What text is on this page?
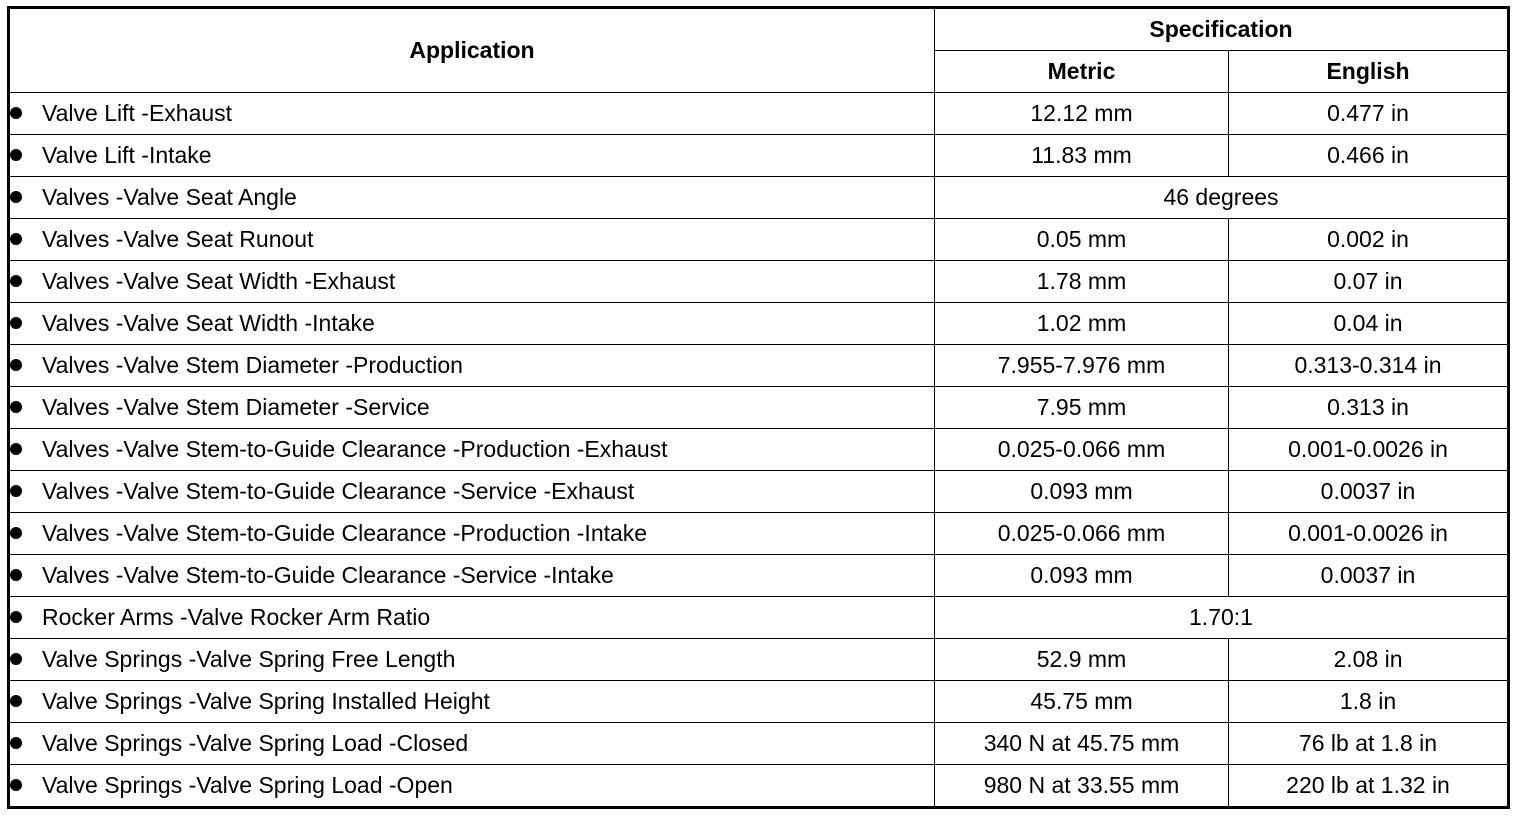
Application	Specification	
	Metric	English
Valve Lift -Exhaust	12.12 mm	0.477 in
Valve Lift -Intake	11.83 mm	0.466 in
Valves -Valve Seat Angle	46 degrees	
Valves -Valve Seat Runout	0.05 mm	0.002 in
Valves -Valve Seat Width -Exhaust	1.78 mm	0.07 in
Valves -Valve Seat Width -Intake	1.02 mm	0.04 in
Valves -Valve Stem Diameter -Production	7.955-7.976 mm	0.313-0.314 in
Valves -Valve Stem Diameter -Service	7.95 mm	0.313 in
Valves -Valve Stem-to-Guide Clearance -Production -Exhaust	0.025-0.066 mm	0.001-0.0026 in
Valves -Valve Stem-to-Guide Clearance -Service -Exhaust	0.093 mm	0.0037 in
Valves -Valve Stem-to-Guide Clearance -Production -Intake	0.025-0.066 mm	0.001-0.0026 in
Valves -Valve Stem-to-Guide Clearance -Service -Intake	0.093 mm	0.0037 in
Rocker Arms -Valve Rocker Arm Ratio	1.70:1	
Valve Springs -Valve Spring Free Length	52.9 mm	2.08 in
Valve Springs -Valve Spring Installed Height	45.75 mm	1.8 in
Valve Springs -Valve Spring Load -Closed	340 N at 45.75 mm	76 lb at 1.8 in
Valve Springs -Valve Spring Load -Open	980 N at 33.55 mm	220 lb at 1.32 in
